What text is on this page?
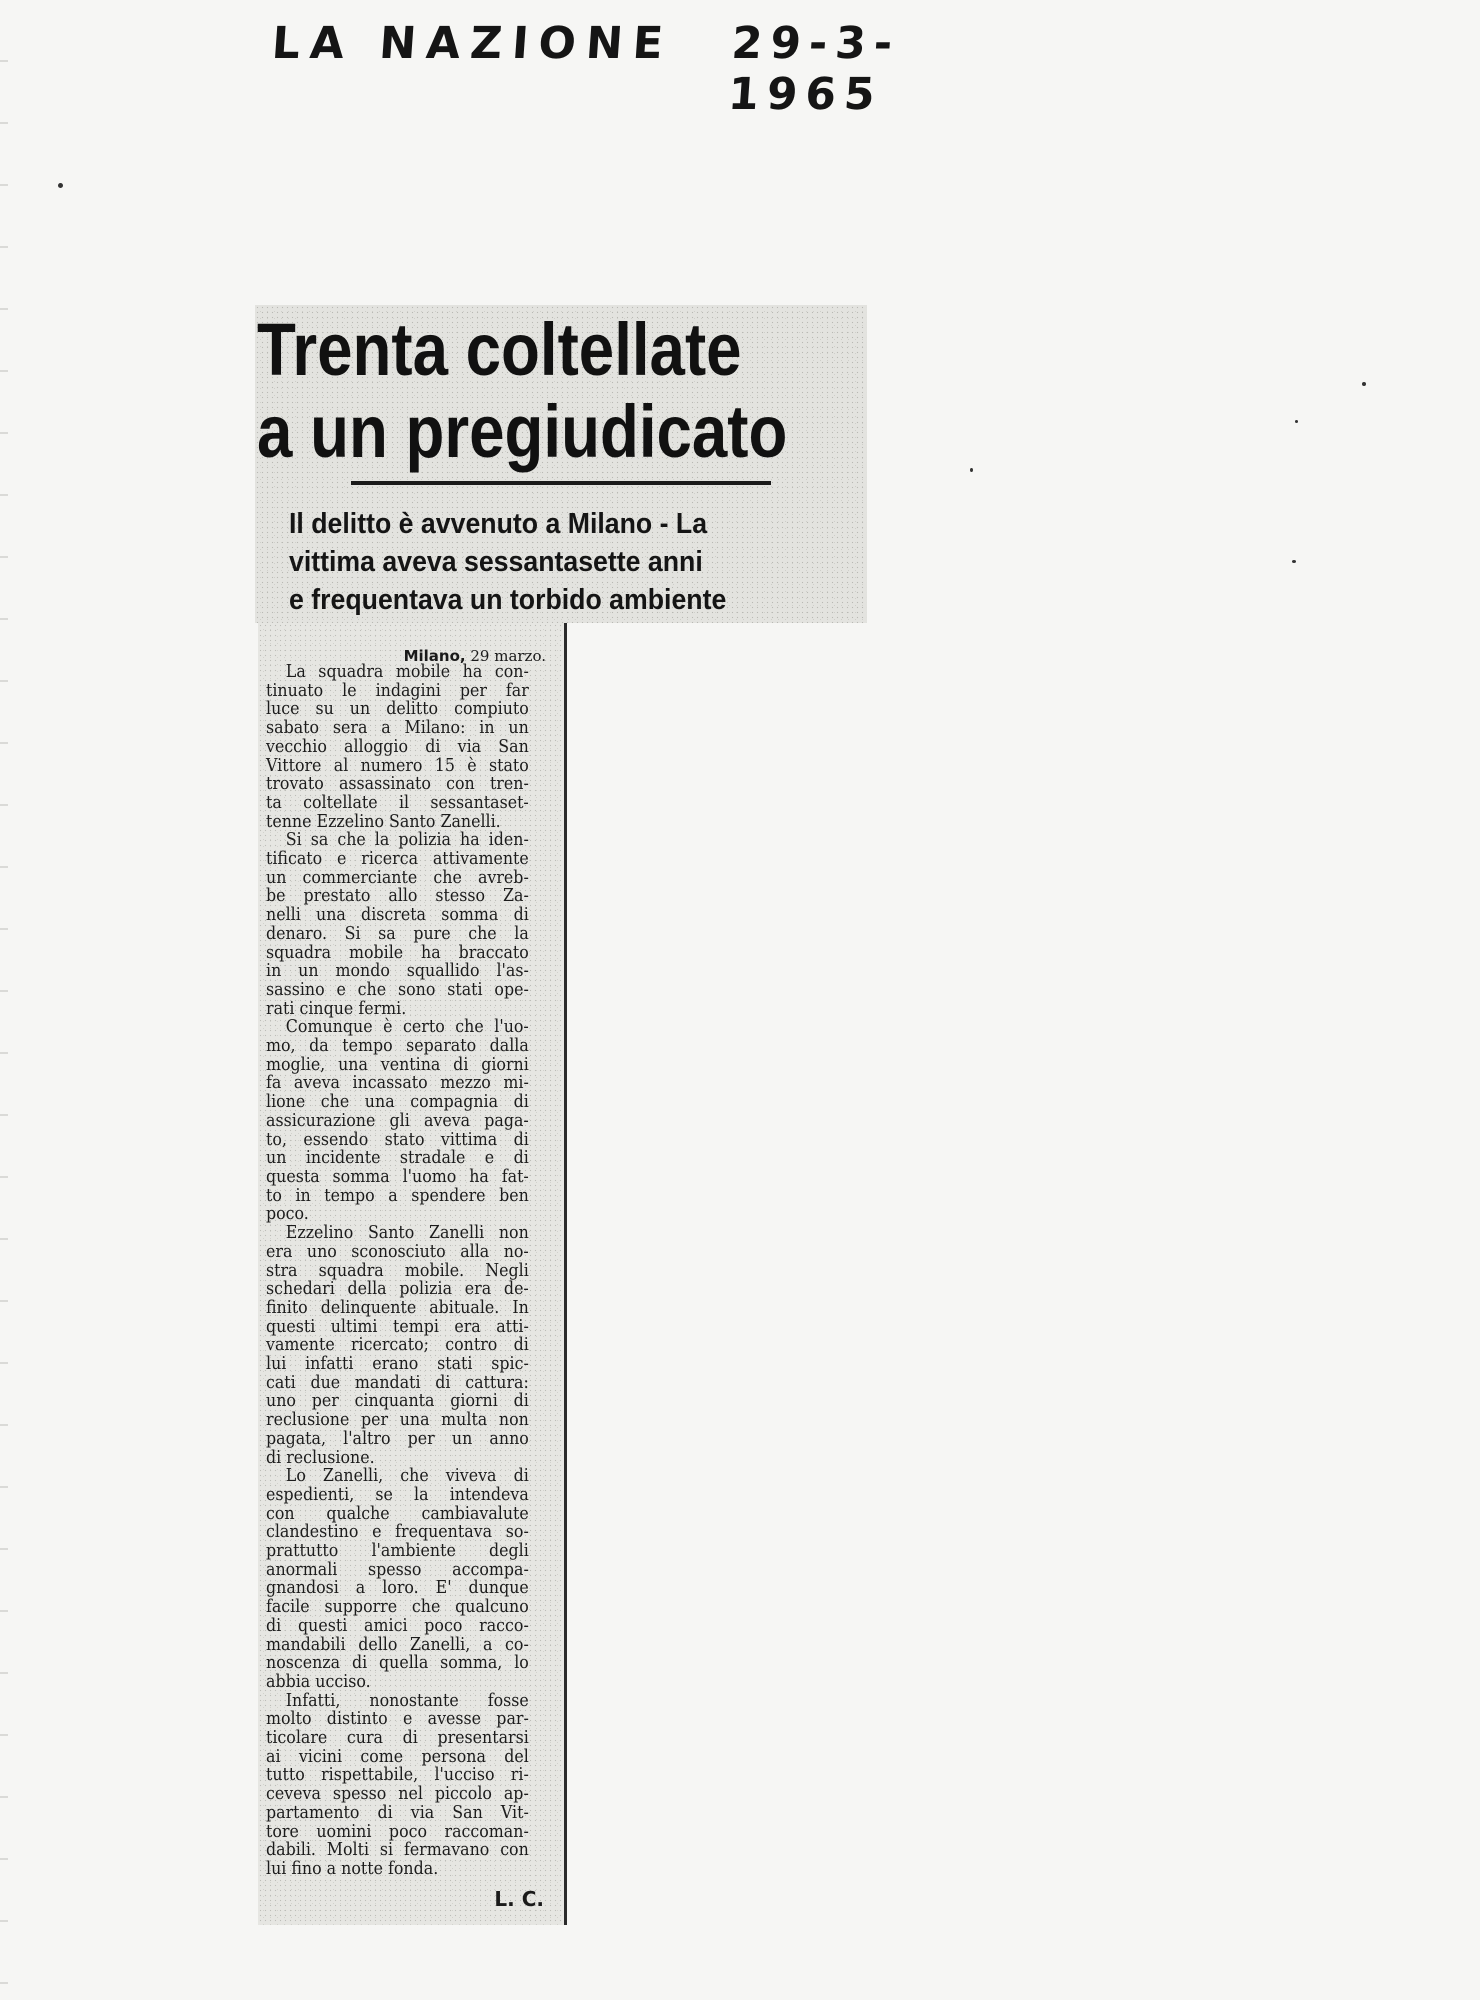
LA NAZIONE 29-3-1965
Trenta coltellate
a un pregiudicato
Il delitto è avvenuto a Milano - La
vittima aveva sessantasette anni
e frequentava un torbido ambiente
Milano, 29 marzo.
La squadra mobile ha con-
tinuato le indagini per far
luce su un delitto compiuto
sabato sera a Milano: in un
vecchio alloggio di via San
Vittore al numero 15 è stato
trovato assassinato con tren-
ta coltellate il sessantaset-
tenne Ezzelino Santo Zanelli.
Si sa che la polizia ha iden-
tificato e ricerca attivamente
un commerciante che avreb-
be prestato allo stesso Za-
nelli una discreta somma di
denaro. Si sa pure che la
squadra mobile ha braccato
in un mondo squallido l'as-
sassino e che sono stati ope-
rati cinque fermi.
Comunque è certo che l'uo-
mo, da tempo separato dalla
moglie, una ventina di giorni
fa aveva incassato mezzo mi-
lione che una compagnia di
assicurazione gli aveva paga-
to, essendo stato vittima di
un incidente stradale e di
questa somma l'uomo ha fat-
to in tempo a spendere ben
poco.
Ezzelino Santo Zanelli non
era uno sconosciuto alla no-
stra squadra mobile. Negli
schedari della polizia era de-
finito delinquente abituale. In
questi ultimi tempi era atti-
vamente ricercato; contro di
lui infatti erano stati spic-
cati due mandati di cattura:
uno per cinquanta giorni di
reclusione per una multa non
pagata, l'altro per un anno
di reclusione.
Lo Zanelli, che viveva di
espedienti, se la intendeva
con qualche cambiavalute
clandestino e frequentava so-
prattutto l'ambiente degli
anormali spesso accompa-
gnandosi a loro. E' dunque
facile supporre che qualcuno
di questi amici poco racco-
mandabili dello Zanelli, a co-
noscenza di quella somma, lo
abbia ucciso.
Infatti, nonostante fosse
molto distinto e avesse par-
ticolare cura di presentarsi
ai vicini come persona del
tutto rispettabile, l'ucciso ri-
ceveva spesso nel piccolo ap-
partamento di via San Vit-
tore uomini poco raccoman-
dabili. Molti si fermavano con
lui fino a notte fonda.
L. C.
